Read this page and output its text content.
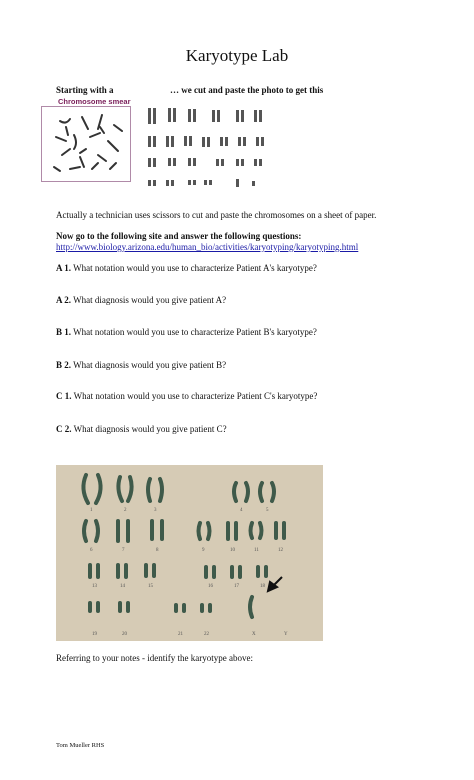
Karyotype Lab
Starting with a	… we cut and paste the photo to get this
Chromosome smear
Actually a technician uses scissors to cut and paste the chromosomes on a sheet of paper.
Now go to the following site and answer the following questions:
http://www.biology.arizona.edu/human_bio/activities/karyotyping/karyotyping.html
A 1. What notation would you use to characterize Patient A's karyotype?
A 2. What diagnosis would you give patient A?
B 1. What notation would you use to characterize Patient B's karyotype?
B 2. What diagnosis would you give patient B?
C 1. What notation would you use to characterize Patient C's karyotype?
C 2. What diagnosis would you give patient C?
1	2	3	4	5
6	7	8	9	10	11	12
13	14	15	16	17	18
19	20	21	22	X	Y
Referring to your notes - identify the karyotype above:
Tom Mueller RHS
